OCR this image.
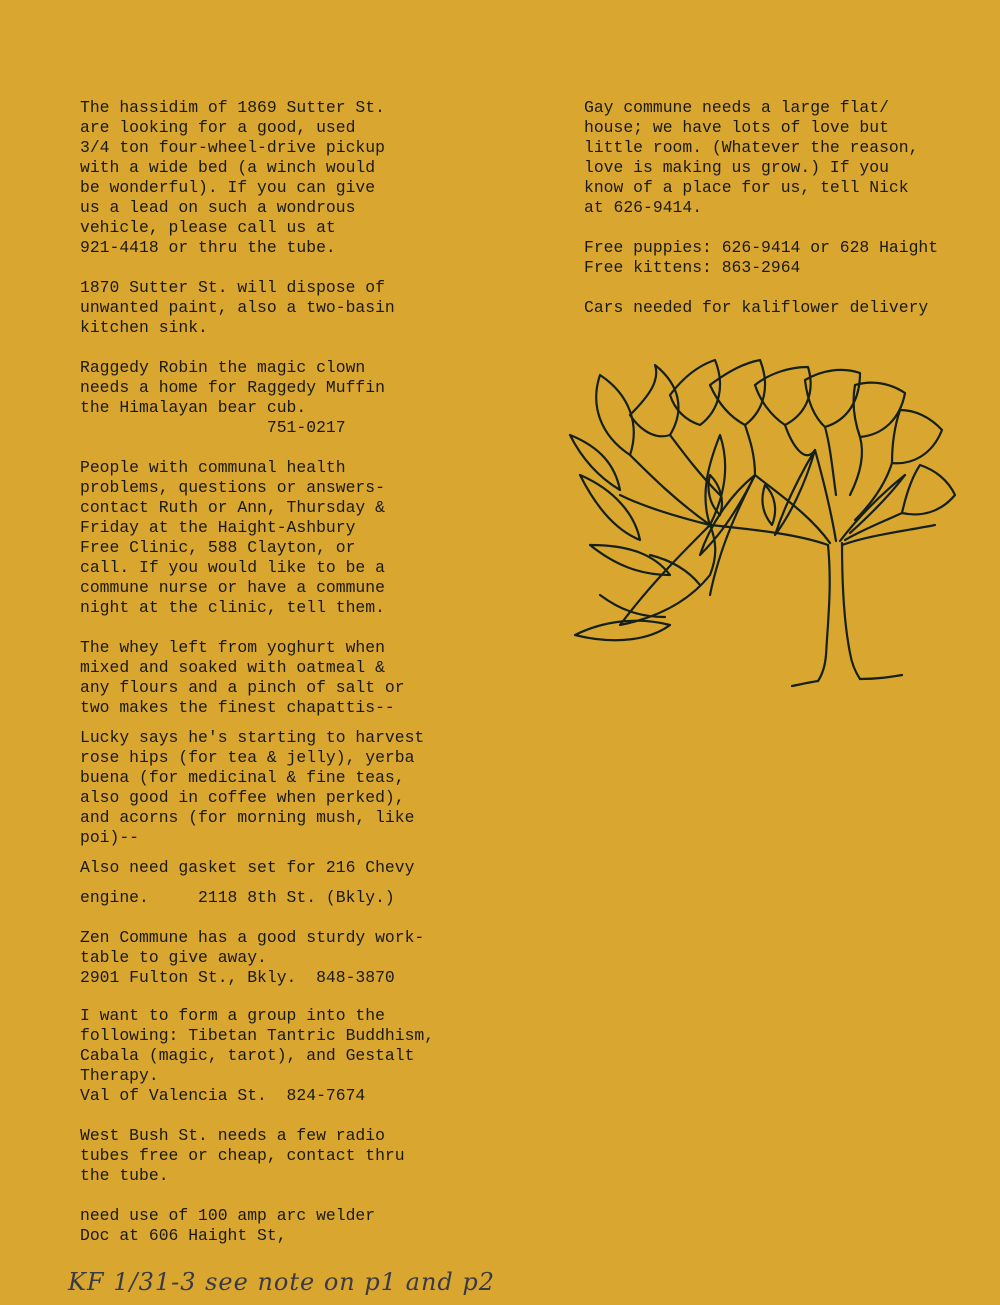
The hassidim of 1869 Sutter St.
are looking for a good, used
3/4 ton four-wheel-drive pickup
with a wide bed (a winch would
be wonderful). If you can give
us a lead on such a wondrous
vehicle, please call us at
921-4418 or thru the tube.
1870 Sutter St. will dispose of
unwanted paint, also a two-basin
kitchen sink.
Raggedy Robin the magic clown
needs a home for Raggedy Muffin
the Himalayan bear cub.
751-0217
People with communal health
problems, questions or answers-
contact Ruth or Ann, Thursday &
Friday at the Haight-Ashbury
Free Clinic, 588 Clayton, or
call. If you would like to be a
commune nurse or have a commune
night at the clinic, tell them.
The whey left from yoghurt when
mixed and soaked with oatmeal &
any flours and a pinch of salt or
two makes the finest chapattis--
Lucky says he's starting to harvest
rose hips (for tea & jelly), yerba
buena (for medicinal & fine teas,
also good in coffee when perked),
and acorns (for morning mush, like
poi)--
Also need gasket set for 216 Chevy
engine.     2118 8th St. (Bkly.)
Zen Commune has a good sturdy work-
table to give away.
2901 Fulton St., Bkly.  848-3870
I want to form a group into the
following: Tibetan Tantric Buddhism,
Cabala (magic, tarot), and Gestalt
Therapy.
Val of Valencia St.  824-7674
West Bush St. needs a few radio
tubes free or cheap, contact thru
the tube.
need use of 100 amp arc welder
Doc at 606 Haight St,
Gay commune needs a large flat/
house; we have lots of love but
little room. (Whatever the reason,
love is making us grow.) If you
know of a place for us, tell Nick
at 626-9414.
Free puppies: 626-9414 or 628 Haight
Free kittens: 863-2964
Cars needed for kaliflower delivery
KF 1/31-3 see note on p1 and p2
